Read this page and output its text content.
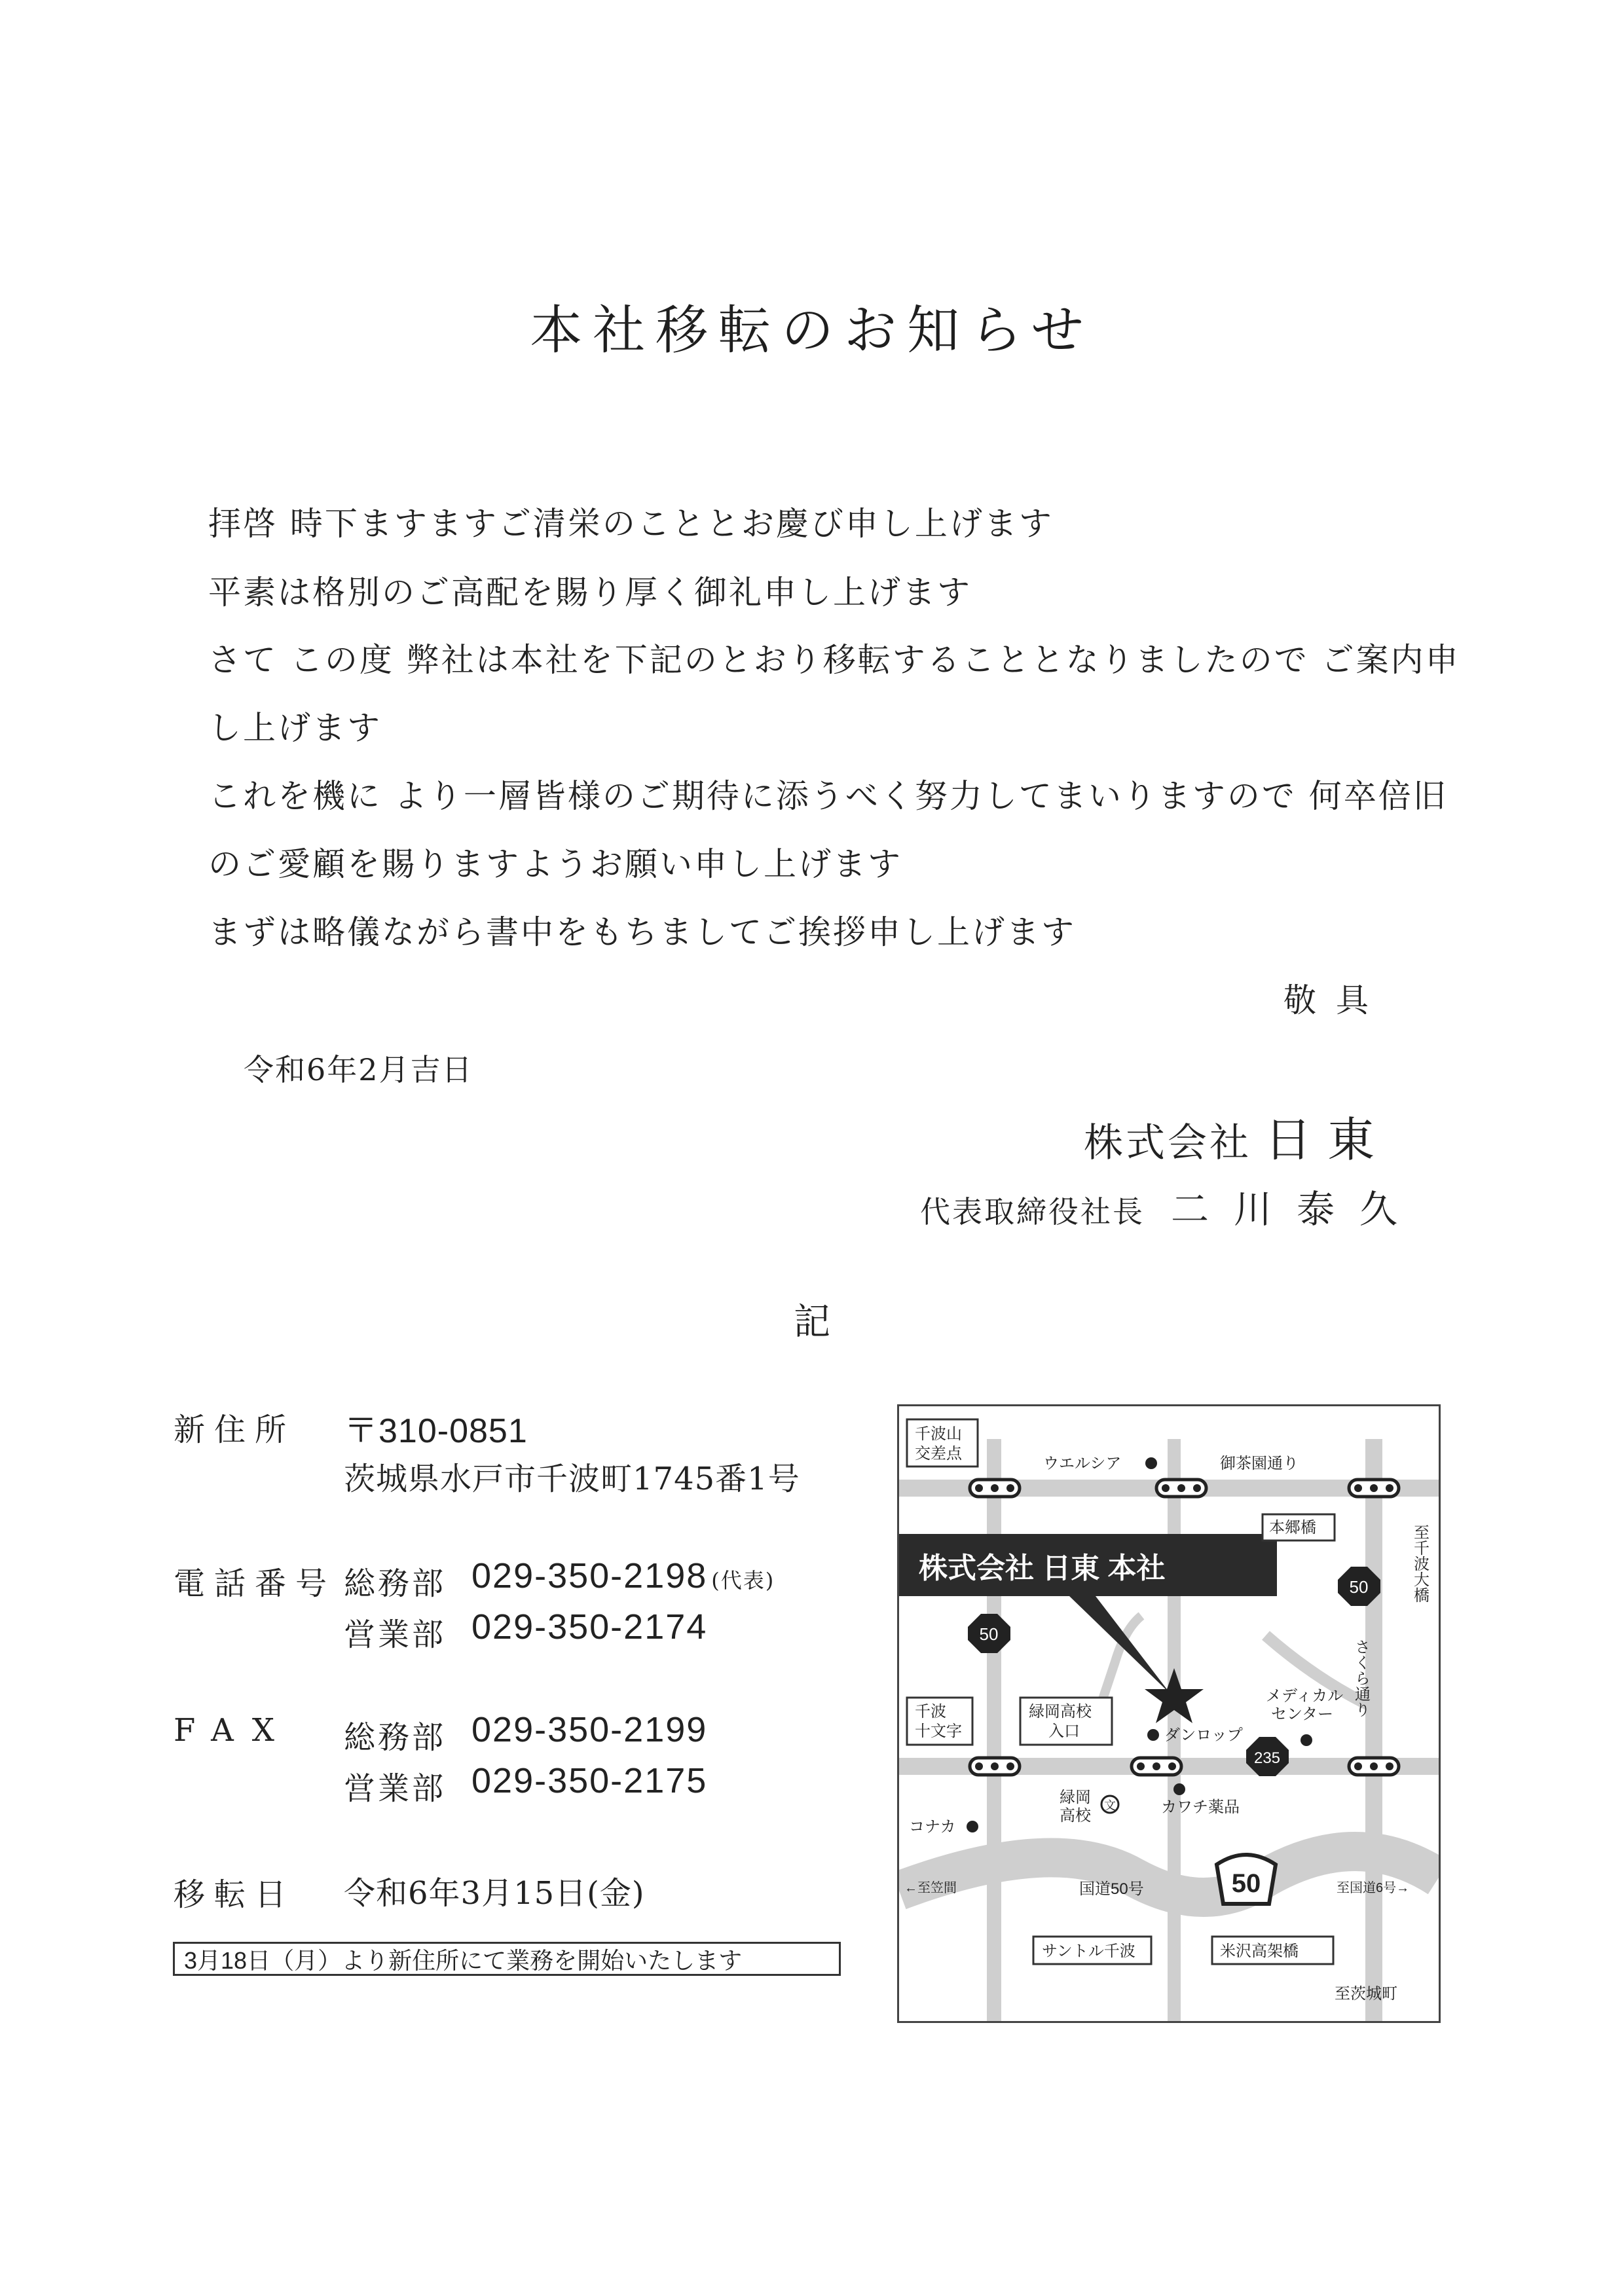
本社移転のお知らせ
拝啓 時下ますますご清栄のこととお慶び申し上げます
平素は格別のご高配を賜り厚く御礼申し上げます
さて この度 弊社は本社を下記のとおり移転することとなりましたので ご案内申
し上げます
これを機に より一層皆様のご期待に添うべく努力してまいりますので 何卒倍旧
のご愛顧を賜りますようお願い申し上げます
まずは略儀ながら書中をもちましてご挨拶申し上げます
敬具
令和6年2月吉日
株式会社 日東
代表取締役社長 二川泰久
記
新住所 〒310-0851
茨城県水戸市千波町1745番1号
電話番号 総務部 029-350-2198 (代表)
営業部 029-350-2174
FAX 総務部 029-350-2199
営業部 029-350-2175
移転日 令和6年3月15日(金)
3月18日（月）より新住所にて業務を開始いたします
株式会社 日東 本社
50
50
235
50
千波山
交差点
ウエルシア	御茶園通り
本郷橋
千波
十文字
緑岡高校
入口	ダンロップ
メディカル
センター
緑岡
高校	カワチ薬品
コナカ
←至笠間	国道50号	至国道6号→
サントル千波	米沢高架橋
至茨城町
至千波大橋
さくら通り
文
